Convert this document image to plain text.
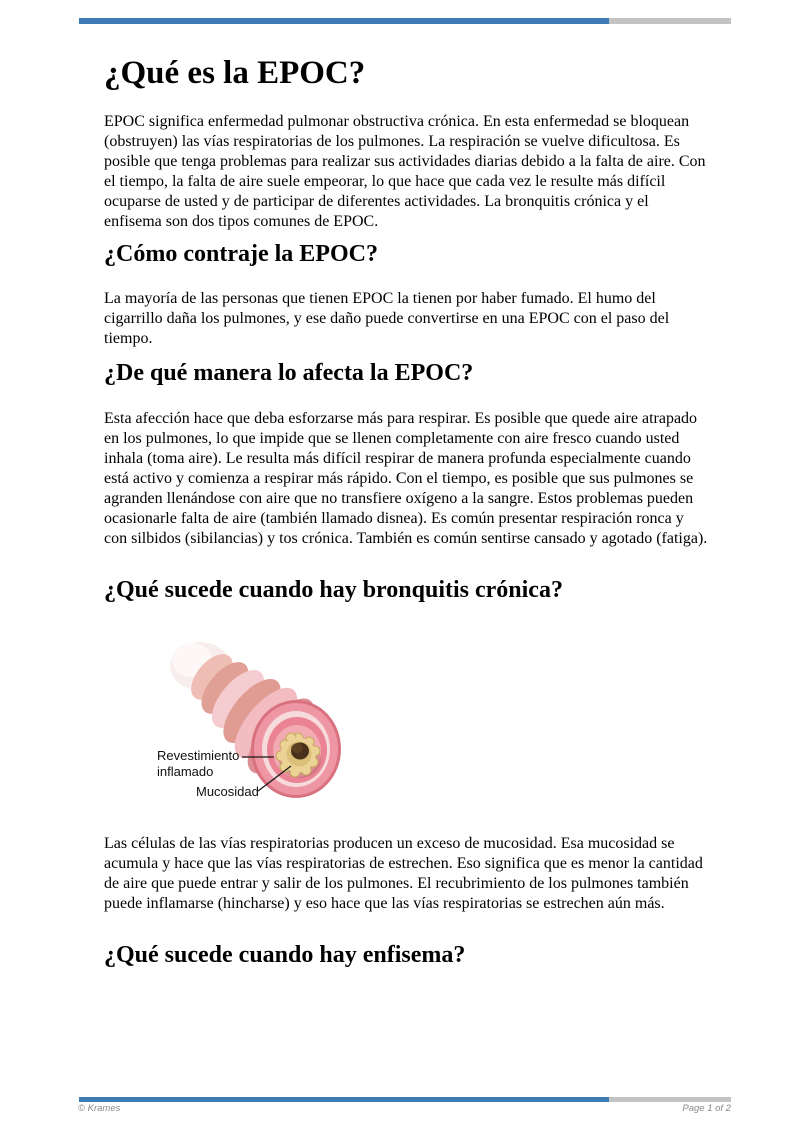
¿Qué es la EPOC?

EPOC significa enfermedad pulmonar obstructiva crónica. En esta enfermedad se bloquean (obstruyen) las vías respiratorias de los pulmones. La respiración se vuelve dificultosa. Es posible que tenga problemas para realizar sus actividades diarias debido a la falta de aire. Con el tiempo, la falta de aire suele empeorar, lo que hace que cada vez le resulte más difícil ocuparse de usted y de participar de diferentes actividades. La bronquitis crónica y el enfisema son dos tipos comunes de EPOC.

¿Cómo contraje la EPOC?

La mayoría de las personas que tienen EPOC la tienen por haber fumado. El humo del cigarrillo daña los pulmones, y ese daño puede convertirse en una EPOC con el paso del tiempo.

¿De qué manera lo afecta la EPOC?

Esta afección hace que deba esforzarse más para respirar. Es posible que quede aire atrapado en los pulmones, lo que impide que se llenen completamente con aire fresco cuando usted inhala (toma aire). Le resulta más difícil respirar de manera profunda especialmente cuando está activo y comienza a respirar más rápido. Con el tiempo, es posible que sus pulmones se agranden llenándose con aire que no transfiere oxígeno a la sangre. Estos problemas pueden ocasionarle falta de aire (también llamado disnea). Es común presentar respiración ronca y con silbidos (sibilancias) y tos crónica. También es común sentirse cansado y agotado (fatiga).

¿Qué sucede cuando hay bronquitis crónica?
Revestimiento inflamado
Mucosidad

Las células de las vías respiratorias producen un exceso de mucosidad. Esa mucosidad se acumula y hace que las vías respiratorias de estrechen. Eso significa que es menor la cantidad de aire que puede entrar y salir de los pulmones. El recubrimiento de los pulmones también puede inflamarse (hincharse) y eso hace que las vías respiratorias se estrechen aún más.

¿Qué sucede cuando hay enfisema?
© Krames	Page 1 of 2
